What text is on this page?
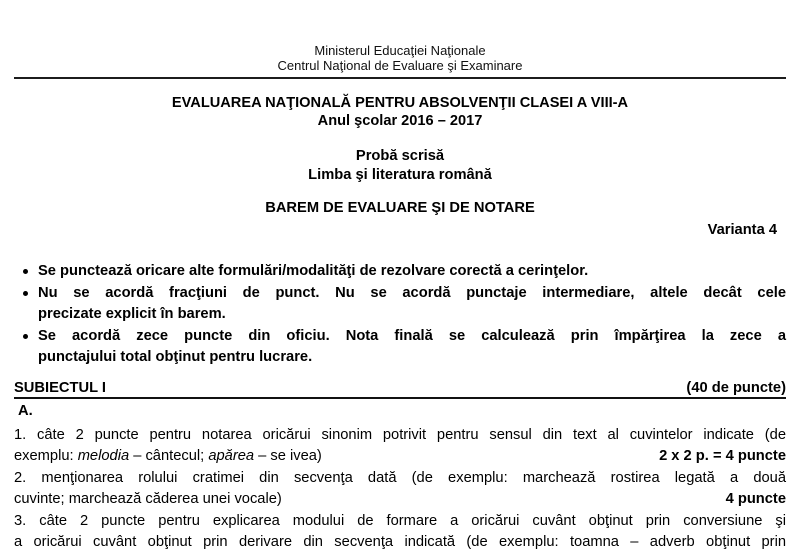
Ministerul Educaţiei Naţionale
Centrul Naţional de Evaluare şi Examinare
EVALUAREA NAŢIONALĂ PENTRU ABSOLVENŢII CLASEI A VIII-A
Anul şcolar 2016 – 2017
Probă scrisă
Limba şi literatura română
BAREM DE EVALUARE ŞI DE NOTARE
Varianta 4
Se punctează oricare alte formulări/modalităţi de rezolvare corectă a cerinţelor.
Nu se acordă fracţiuni de punct. Nu se acordă punctaje intermediare, altele decât cele
precizate explicit în barem.
Se acordă zece puncte din oficiu. Nota finală se calculează prin împărţirea la zece a
punctajului total obţinut pentru lucrare.
SUBIECTUL I	(40 de puncte)
A.
1. câte 2 puncte pentru notarea oricărui sinonim potrivit pentru sensul din text al cuvintelor indicate (de
exemplu: melodia – cântecul; apărea – se ivea)	2 x 2 p. = 4 puncte
2. menţionarea rolului cratimei din secvenţa dată (de exemplu: marchează rostirea legată a două
cuvinte; marchează căderea unei vocale)	4 puncte
3. câte 2 puncte pentru explicarea modului de formare a oricărui cuvânt obţinut prin conversiune şi
a oricărui cuvânt obţinut prin derivare din secvenţa indicată (de exemplu: toamna – adverb obţinut prin
